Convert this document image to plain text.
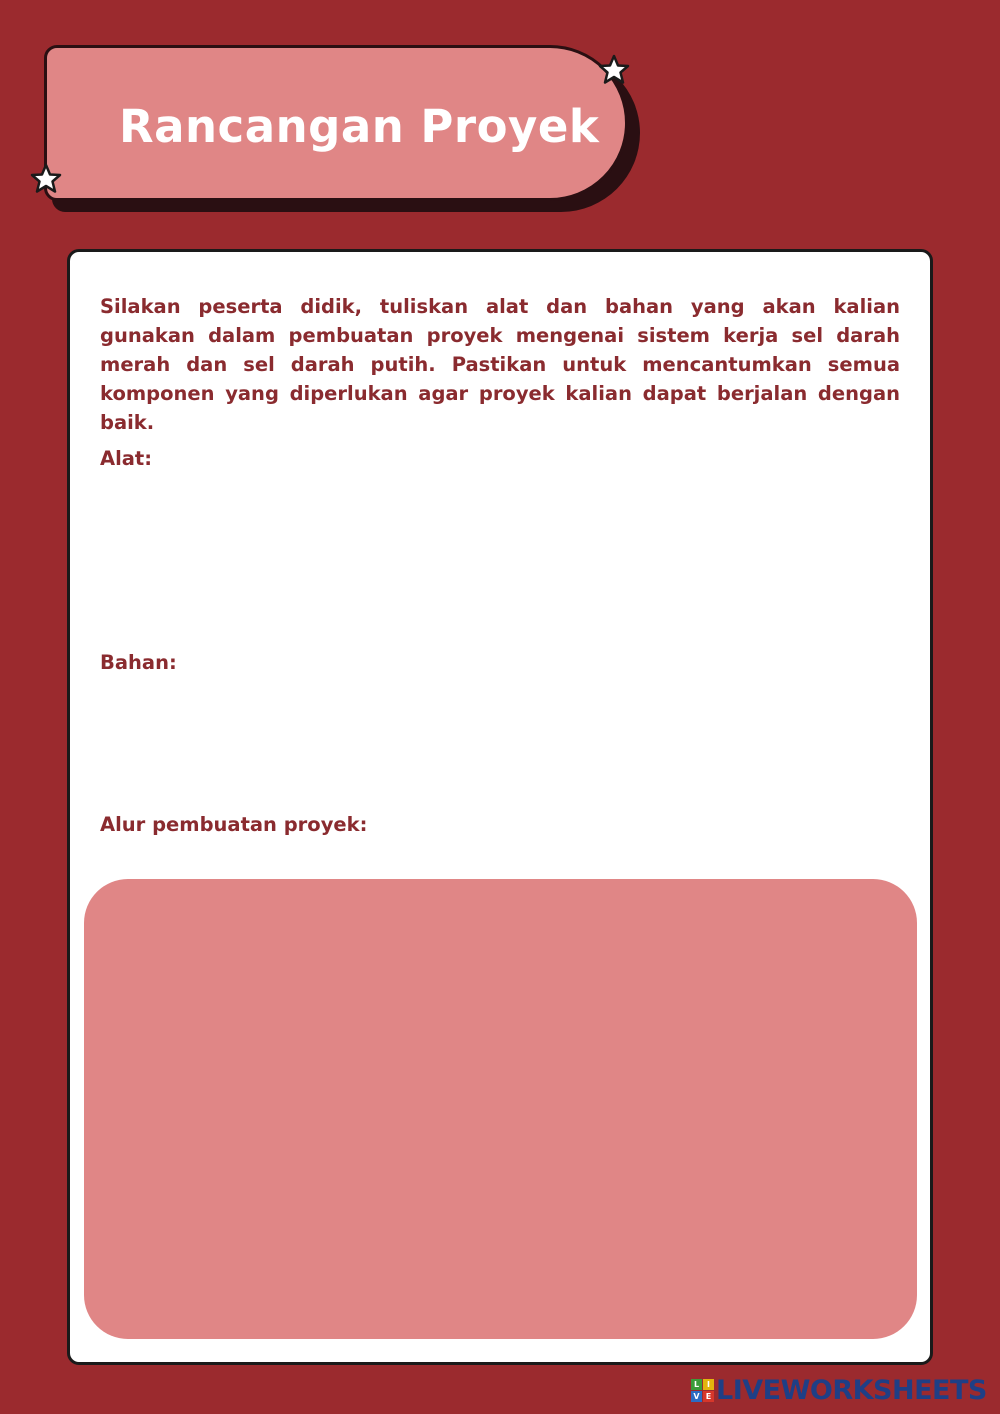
Rancangan Proyek

Silakan peserta didik, tuliskan alat dan bahan yang akan kalian gunakan dalam pembuatan proyek mengenai sistem kerja sel darah merah dan sel darah putih. Pastikan untuk mencantumkan semua komponen yang diperlukan agar proyek kalian dapat berjalan dengan baik.

Alat:

Bahan:

Alur pembuatan proyek:

L I
V E LIVEWORKSHEETS
